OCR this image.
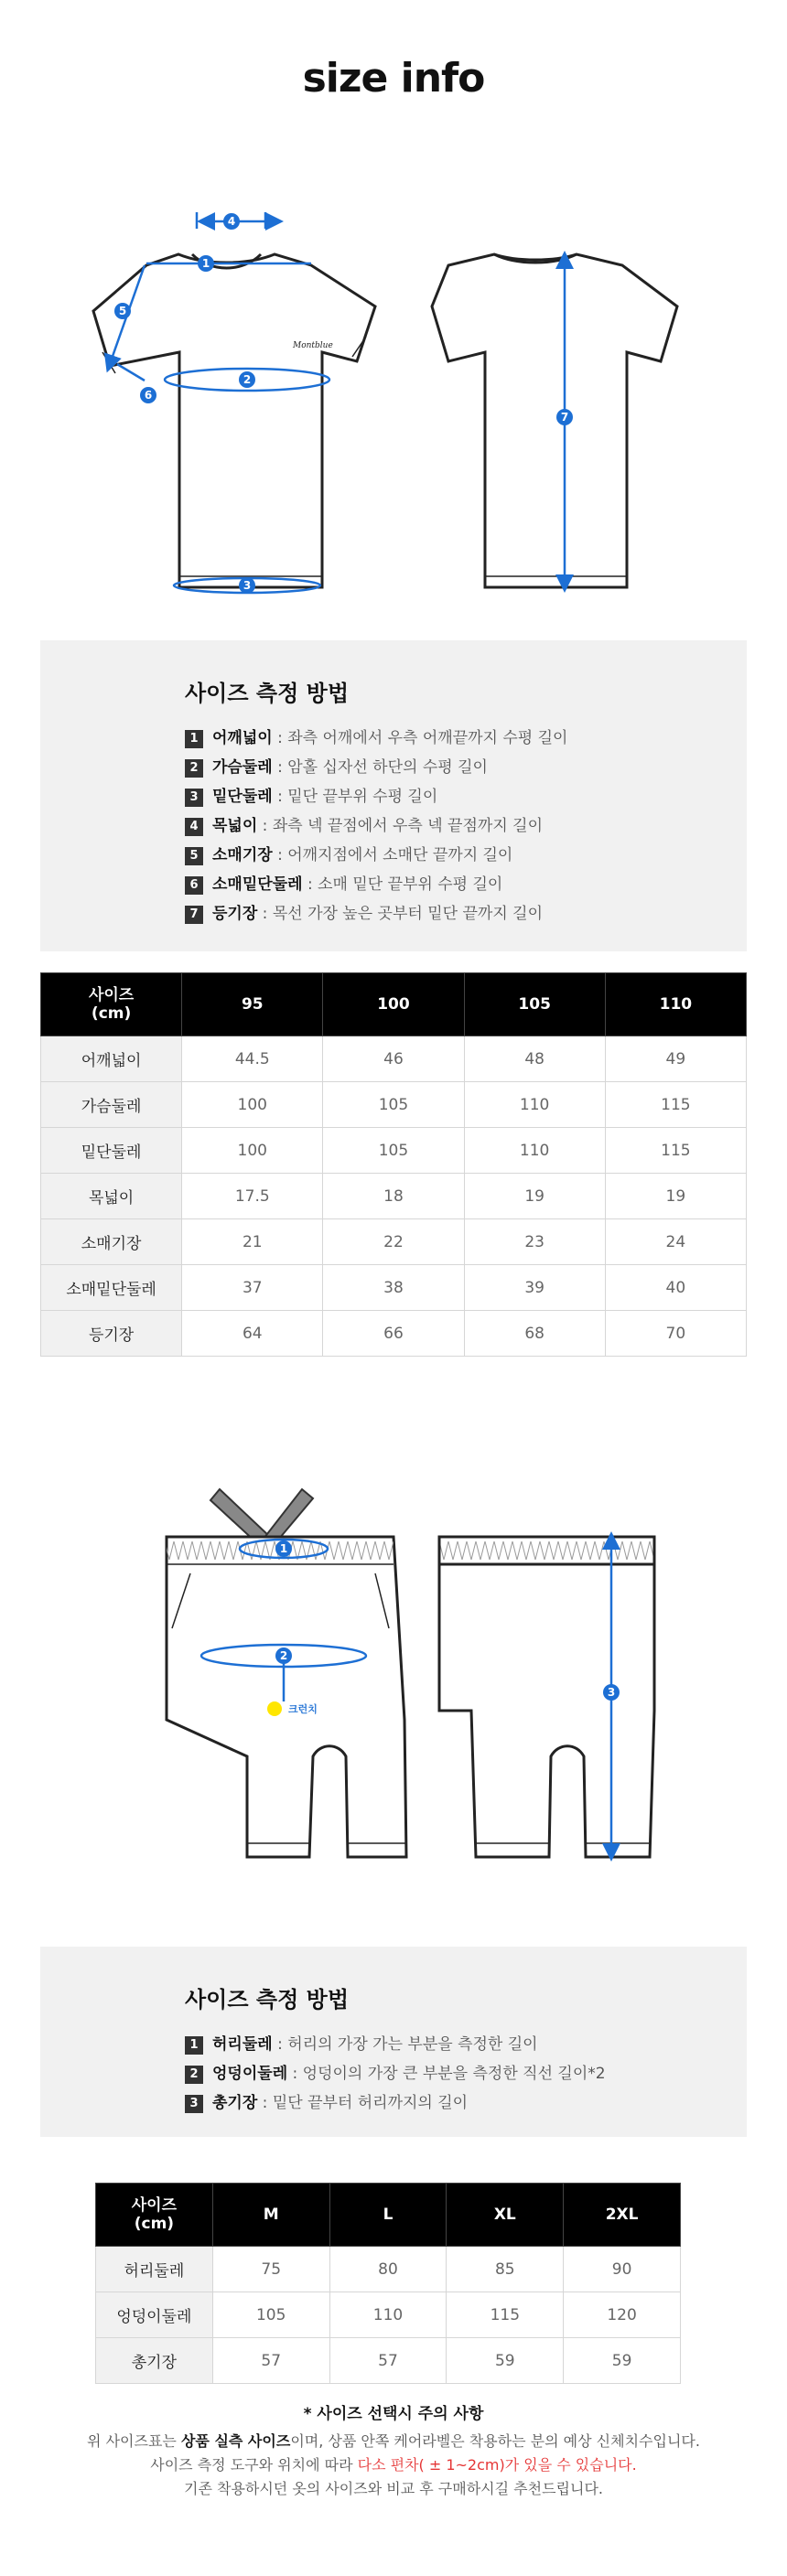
size info
Montblue
1
2
3
4
5
6
7
사이즈 측정 방법
1 어깨넓이 : 좌측 어깨에서 우측 어깨끝까지 수평 길이
2 가슴둘레 : 암홀 십자선 하단의 수평 길이
3 밑단둘레 : 밑단 끝부위 수평 길이
4 목넓이 : 좌측 넥 끝점에서 우측 넥 끝점까지 길이
5 소매기장 : 어깨지점에서 소매단 끝까지 길이
6 소매밑단둘레 : 소매 밑단 끝부위 수평 길이
7 등기장 : 목선 가장 높은 곳부터 밑단 끝까지 길이
사이즈
(cm)	95	100	105	110
어깨넓이	44.5	46	48	49
가슴둘레	100	105	110	115
밑단둘레	100	105	110	115
목넓이	17.5	18	19	19
소매기장	21	22	23	24
소매밑단둘레	37	38	39	40
등기장	64	66	68	70
1
2
크런치
3
사이즈 측정 방법
1 허리둘레 : 허리의 가장 가는 부분을 측정한 길이
2 엉덩이둘레 : 엉덩이의 가장 큰 부분을 측정한 직선 길이*2
3 총기장 : 밑단 끝부터 허리까지의 길이
사이즈
(cm)	M	L	XL	2XL
허리둘레	75	80	85	90
엉덩이둘레	105	110	115	120
총기장	57	57	59	59
* 사이즈 선택시 주의 사항
위 사이즈표는 상품 실측 사이즈이며, 상품 안쪽 케어라벨은 착용하는 분의 예상 신체치수입니다.
사이즈 측정 도구와 위치에 따라 다소 편차( ± 1~2cm)가 있을 수 있습니다.
기존 착용하시던 옷의 사이즈와 비교 후 구매하시길 추천드립니다.
